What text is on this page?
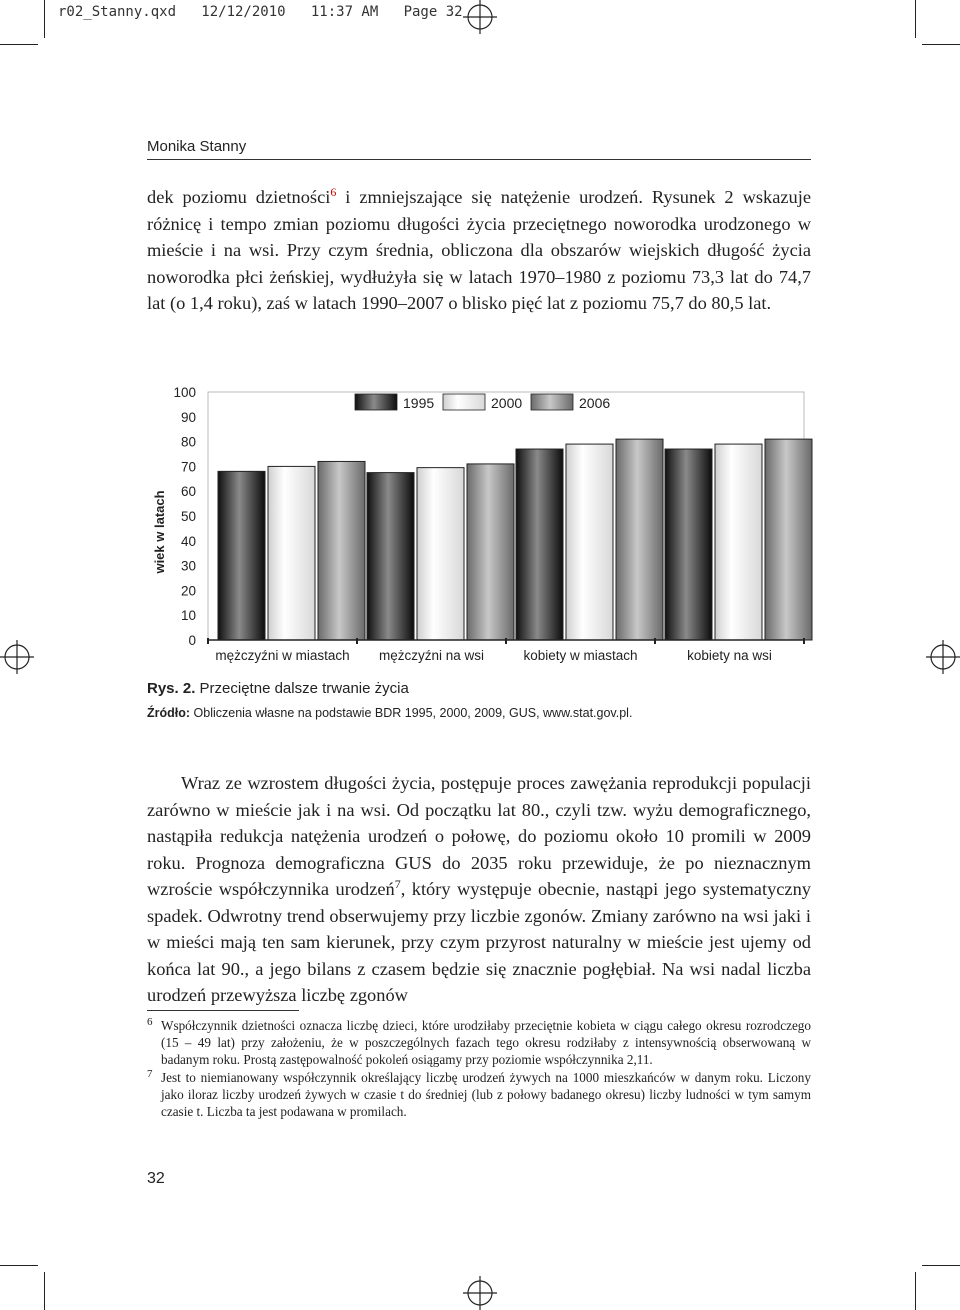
r02_Stanny.qxd   12/12/2010   11:37 AM   Page 32
Monika Stanny
dek poziomu dzietności$^6$ i zmniejszające się natężenie urodzeń. Rysunek 2 wskazuje różnicę i tempo zmian poziomu długości życia przeciętnego noworodka urodzonego w mieście i na wsi. Przy czym średnia, obliczona dla obszarów wiejskich długość życia noworodka płci żeńskiej, wydłużyła się w latach 1970–1980 z poziomu 73,3 lat do 74,7 lat (o 1,4 roku), zaś w latach 1990–2007 o blisko pięć lat z poziomu 75,7 do 80,5 lat.
0
10
20
30
40
50
60
70
80
90
100
wiek w latach
mężczyźni w miastach mężczyźni na wsi	kobiety w miastach	kobiety na wsi
1995	2000	2006
Rys. 2. Przeciętne dalsze trwanie życia
Źródło: Obliczenia własne na podstawie BDR 1995, 2000, 2009, GUS, www.stat.gov.pl.
Wraz ze wzrostem długości życia, postępuje proces zawężania reprodukcji populacji zarówno w mieście jak i na wsi. Od początku lat 80., czyli tzw. wyżu demograficznego, nastąpiła redukcja natężenia urodzeń o połowę, do poziomu około 10 promili w 2009 roku. Prognoza demograficzna GUS do 2035 roku przewiduje, że po nieznacznym wzroście współczynnika urodzeń$^7$, który występuje obecnie, nastąpi jego systematyczny spadek. Odwrotny trend obserwujemy przy liczbie zgonów. Zmiany zarówno na wsi jaki i w mieści mają ten sam kierunek, przy czym przyrost naturalny w mieście jest ujemy od końca lat 90., a jego bilans z czasem będzie się znacznie pogłębiał. Na wsi nadal liczba urodzeń przewyższa liczbę zgonów
6 Współczynnik dzietności oznacza liczbę dzieci, które urodziłaby przeciętnie kobieta w ciągu całego okresu rozrodczego (15 – 49 lat) przy założeniu, że w poszczególnych fazach tego okresu rodziłaby z intensywnością obserwowaną w badanym roku. Prostą zastępowalność pokoleń osiągamy przy poziomie współczynnika 2,11.
7 Jest to niemianowany współczynnik określający liczbę urodzeń żywych na 1000 mieszkańców w danym roku. Liczony jako iloraz liczby urodzeń żywych w czasie t do średniej (lub z połowy badanego okresu) liczby ludności w tym samym czasie t. Liczba ta jest podawana w promilach.
32
